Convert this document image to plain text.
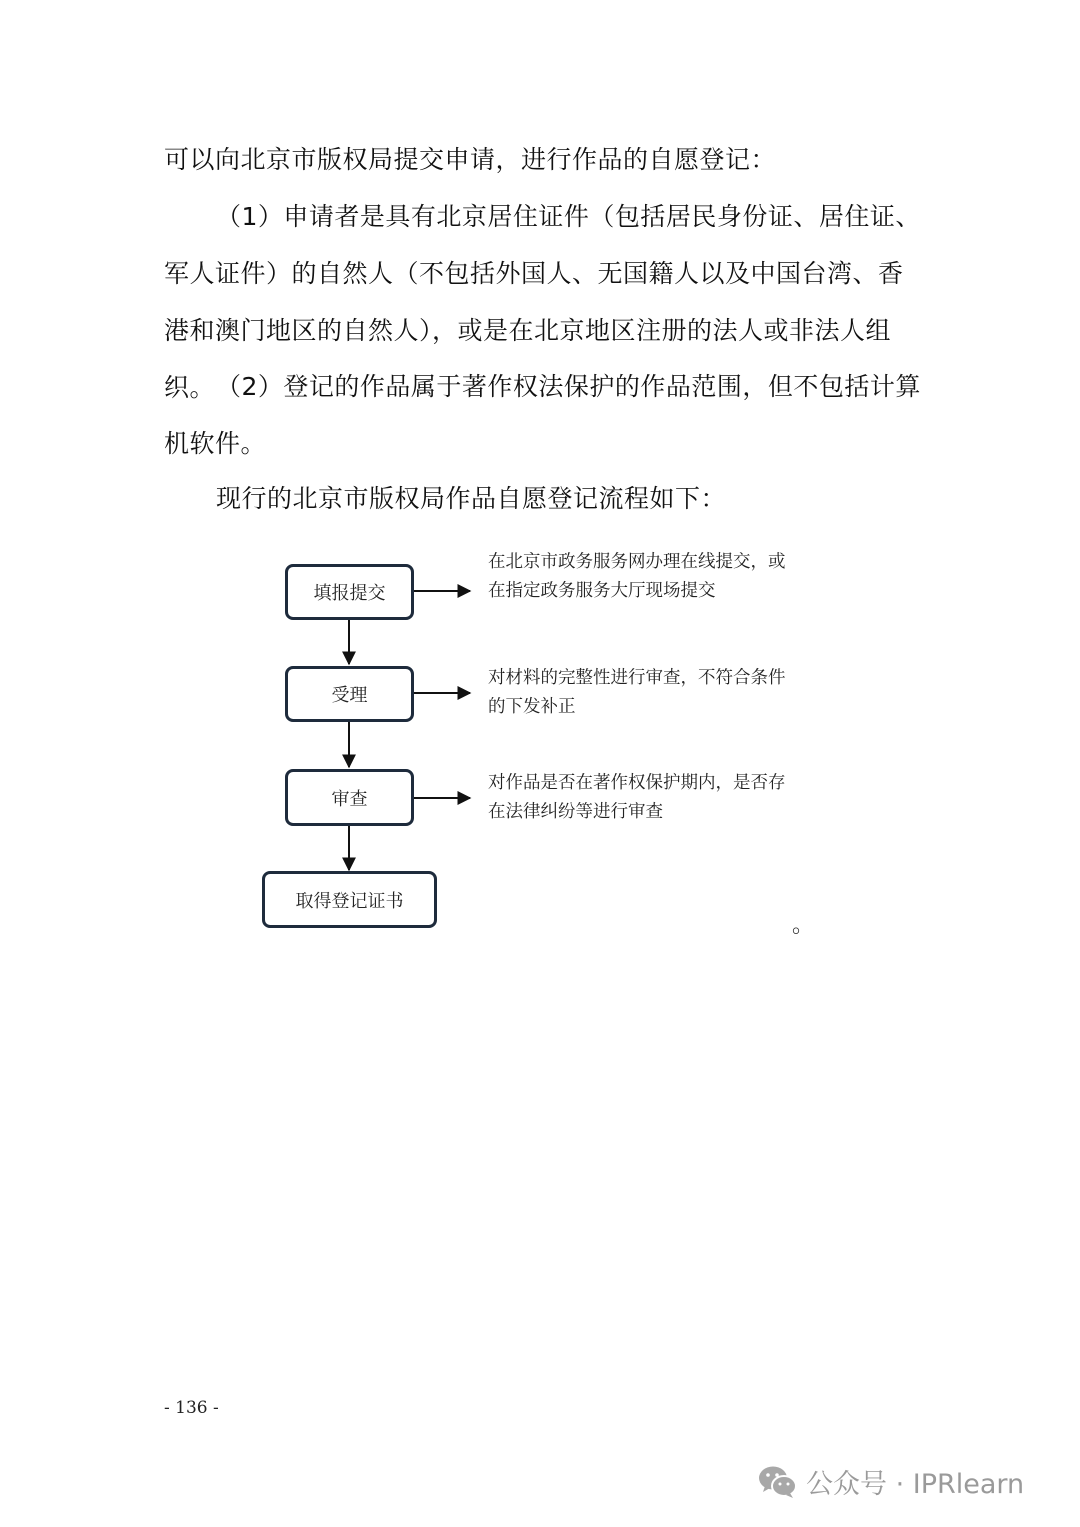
可以向北京市版权局提交申请，进行作品的自愿登记：

（1）申请者是具有北京居住证件（包括居民身份证、居住证、军人证件）的自然人（不包括外国人、无国籍人以及中国台湾、香港和澳门地区的自然人），或是在北京地区注册的法人或非法人组织。 （2）登记的作品属于著作权法保护的作品范围，但不包括计算机软件。

现行的北京市版权局作品自愿登记流程如下：

填报提交
受理
审查
取得登记证书

在北京市政务服务网办理在线提交，或在指定政务服务大厅现场提交

对材料的完整性进行审查，不符合条件的下发补正

对作品是否在著作权保护期内，是否存在法律纠纷等进行审查

。
- 136 -
公众号 · IPRlearn
